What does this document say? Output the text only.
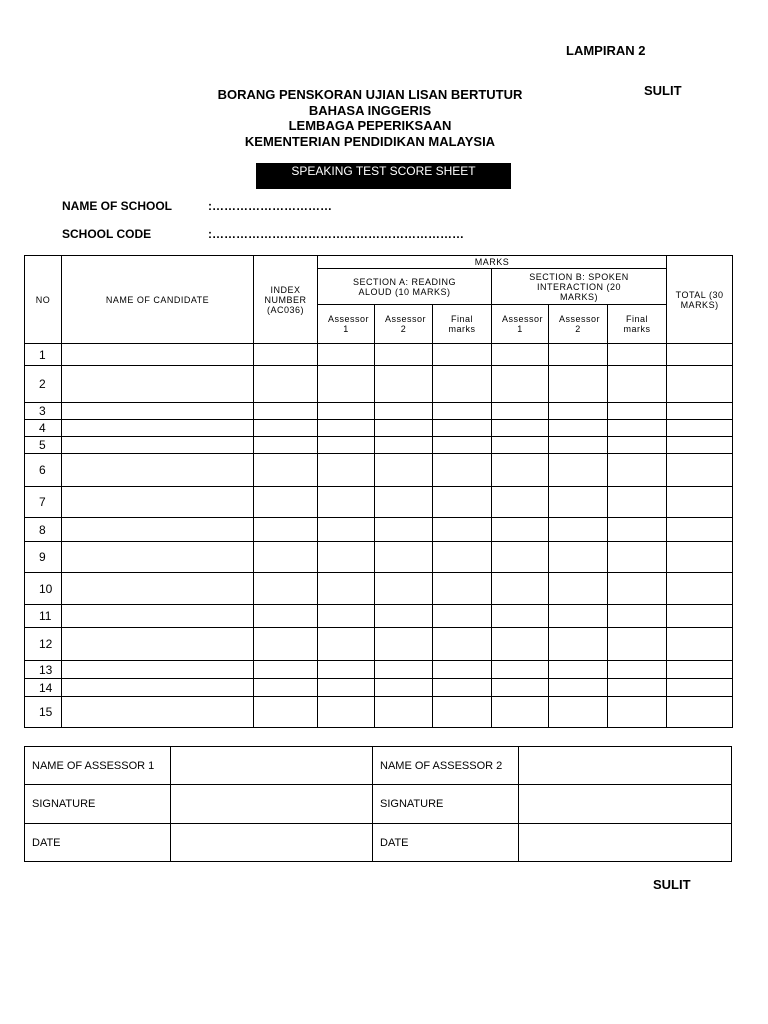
LAMPIRAN 2
SULIT
BORANG PENSKORAN UJIAN LISAN BERTUTUR
BAHASA INGGERIS
LEMBAGA PEPERIKSAAN
KEMENTERIAN PENDIDIKAN MALAYSIA
SPEAKING TEST SCORE SHEET
NAME OF SCHOOL	:…………………………
SCHOOL CODE	:………………………………………………………
NO	NAME OF CANDIDATE	INDEX NUMBER (AC036)	MARKS						TOTAL (30 MARKS)
			SECTION A: READING ALOUD (10 MARKS)			SECTION B: SPOKEN INTERACTION (20 MARKS)			
			Assessor 1	Assessor 2	Final marks	Assessor 1	Assessor 2	Final marks	
1									
2									
3									
4									
5									
6									
7									
8									
9									
10									
11									
12									
13									
14									
15									
NAME OF ASSESSOR 1		NAME OF ASSESSOR 2	
SIGNATURE		SIGNATURE	
DATE		DATE	
SULIT
